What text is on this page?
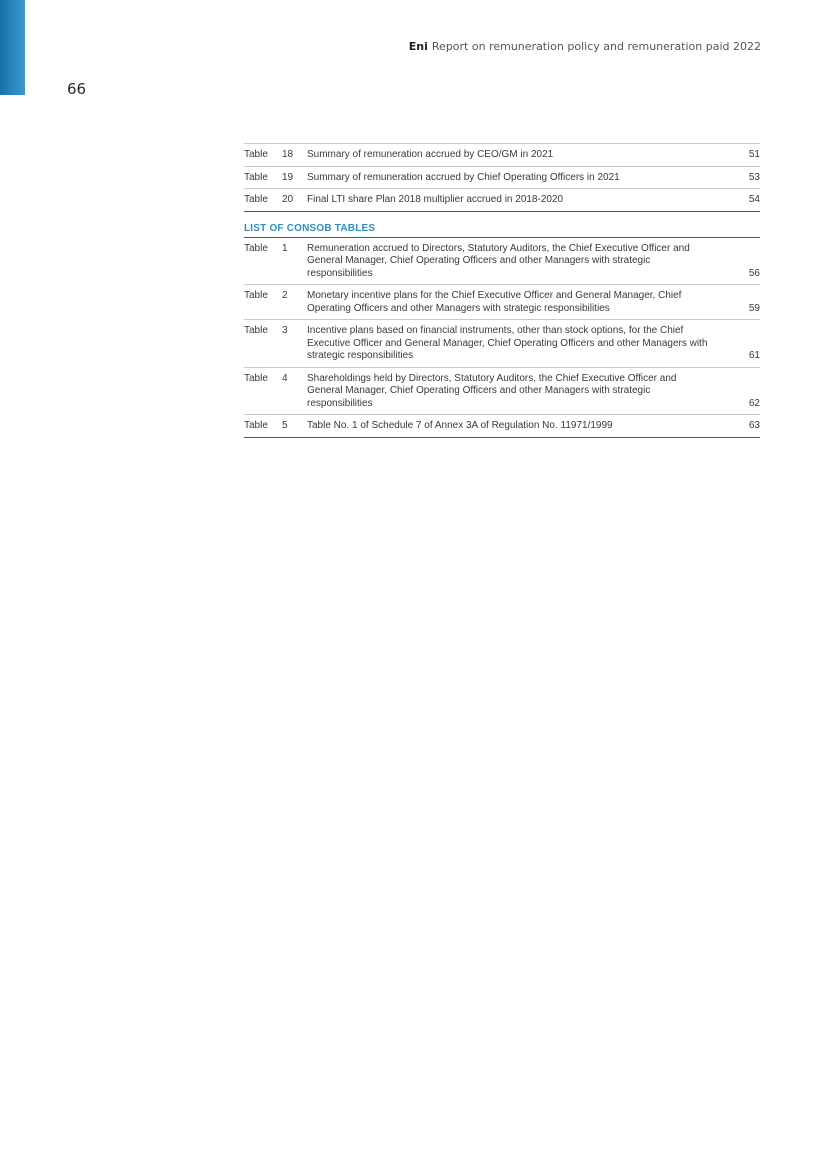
66
Eni Report on remuneration policy and remuneration paid 2022
Table	18	Summary of remuneration accrued by CEO/GM in 2021	51
Table	19	Summary of remuneration accrued by Chief Operating Officers in 2021	53
Table	20	Final LTI share Plan 2018 multiplier accrued in 2018-2020	54
LIST OF CONSOB TABLES
Table	1	Remuneration accrued to Directors, Statutory Auditors, the Chief Executive Officer and General Manager, Chief Operating Officers and other Managers with strategic responsibilities	56
Table	2	Monetary incentive plans for the Chief Executive Officer and General Manager, Chief Operating Officers and other Managers with strategic responsibilities	59
Table	3	Incentive plans based on financial instruments, other than stock options, for the Chief Executive Officer and General Manager, Chief Operating Officers and other Managers with strategic responsibilities	61
Table	4	Shareholdings held by Directors, Statutory Auditors, the Chief Executive Officer and General Manager, Chief Operating Officers and other Managers with strategic responsibilities	62
Table	5	Table No. 1 of Schedule 7 of Annex 3A of Regulation No. 11971/1999	63
